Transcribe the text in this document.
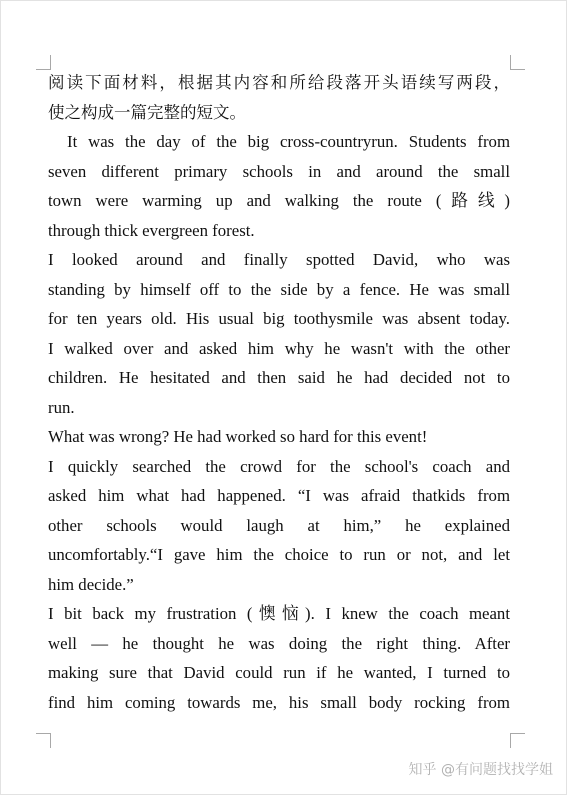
阅读下面材料，根据其内容和所给段落开头语续写两段，
使之构成一篇完整的短文。
It was the day of the big cross-countryrun. Students from
seven different primary schools in and around the small
town were warming up and walking the route (路线)
through thick evergreen forest.
I looked around and finally spotted David, who was
standing by himself off to the side by a fence. He was small
for ten years old. His usual big toothysmile was absent today.
I walked over and asked him why he wasn't with the other
children. He hesitated and then said he had decided not to
run.
What was wrong? He had worked so hard for this event!
I quickly searched the crowd for the school's coach and
asked him what had happened. “I was afraid thatkids from
other schools would laugh at him,” he explained
uncomfortably.“I gave him the choice to run or not, and let
him decide.”
I bit back my frustration (懊恼). I knew the coach meant
well — he thought he was doing the right thing. After
making sure that David could run if he wanted, I turned to
find him coming towards me, his small body rocking from
知乎 @有问题找找学姐
